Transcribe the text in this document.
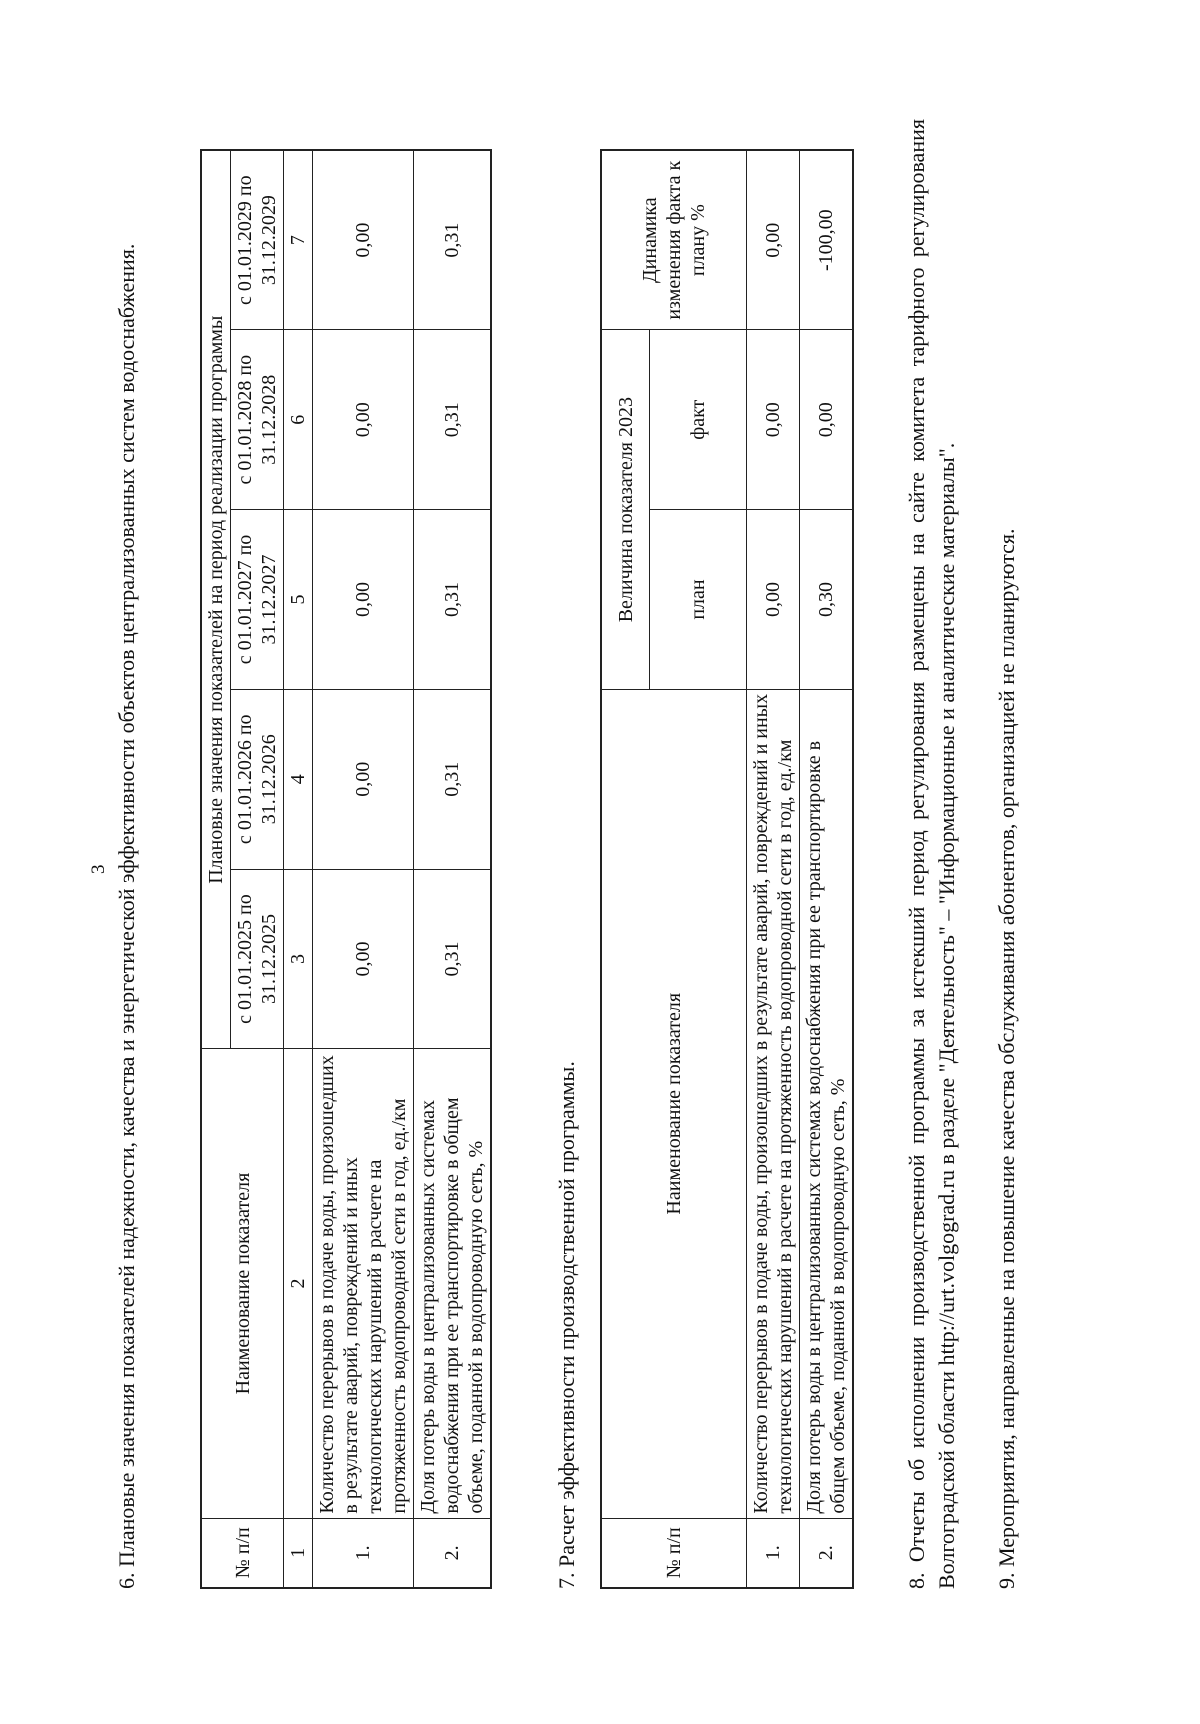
3 6. Плановые значения показателей надежности, качества и энергетической эффективности объектов централизованных систем водоснабжения.	№ п/п	Наименование показателя	Плановые значения показателей на период реализации программы				
		с 01.01.2025 по 31.12.2025	с 01.01.2026 по 31.12.2026	с 01.01.2027 по 31.12.2027	с 01.01.2028 по 31.12.2028	с 01.01.2029 по 31.12.2029
1	2	3	4	5	6	7
1.	Количество перерывов в подаче воды, произошедших в результате аварий, повреждений и иных технологических нарушений в расчете на протяженность водопроводной сети в год, ед./км	0,00	0,00	0,00	0,00	0,00
2.	Доля потерь воды в централизованных системах водоснабжения при ее транспортировке в общем объеме, поданной в водопроводную сеть, %	0,31	0,31	0,31	0,31	0,31
7. Расчет эффективности производственной программы.	№ п/п	Наименование показателя	Величина показателя 2023		Динамика изменения факта к плану %
		план	факт	
1.	Количество перерывов в подаче воды, произошедших в результате аварий, повреждений и иных технологических нарушений в расчете на протяженность водопроводной сети в год, ед./км	0,00	0,00	0,00
2.	Доля потерь воды в централизованных системах водоснабжения при ее транспортировке в общем объеме, поданной в водопроводную сеть, %	0,30	0,00	-100,00	8. Отчеты об исполнении производственной программы за истекший период регулирования размещены на сайте комитета тарифного регулирования Волгоградской области http://urt.volgograd.ru в разделе "Деятельность" – "Информационные и аналитические материалы". 9. Мероприятия, направленные на повышение качества обслуживания абонентов, организацией не планируются.
